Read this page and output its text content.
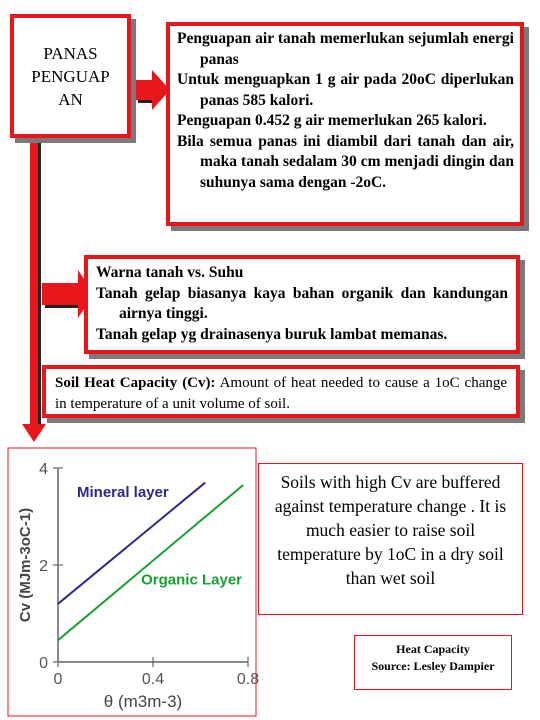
PANAS
PENGUAP
AN

Penguapan air tanah memerlukan sejumlah energi panas

Untuk menguapkan 1 g air pada 20oC diperlukan panas 585 kalori.

Penguapan 0.452 g air memerlukan 265 kalori.

Bila semua panas ini diambil dari tanah dan air, maka tanah sedalam 30 cm menjadi dingin dan suhunya sama dengan -2oC.

Warna tanah vs. Suhu

Tanah gelap biasanya kaya bahan organik dan kandungan airnya tinggi.

Tanah gelap yg drainasenya buruk lambat memanas.

Soil Heat Capacity (Cv): Amount of heat needed to cause a 1oC change in temperature of a unit volume of soil.

0
2
4
0	0.4	0.8
Cv (MJm-3oC-1)
θ (m3m-3)
Mineral layer
Organic Layer
Soils with high Cv are buffered against temperature change . It is much easier to raise soil temperature by 1oC in a dry soil than wet soil
Heat Capacity
Source: Lesley Dampier
